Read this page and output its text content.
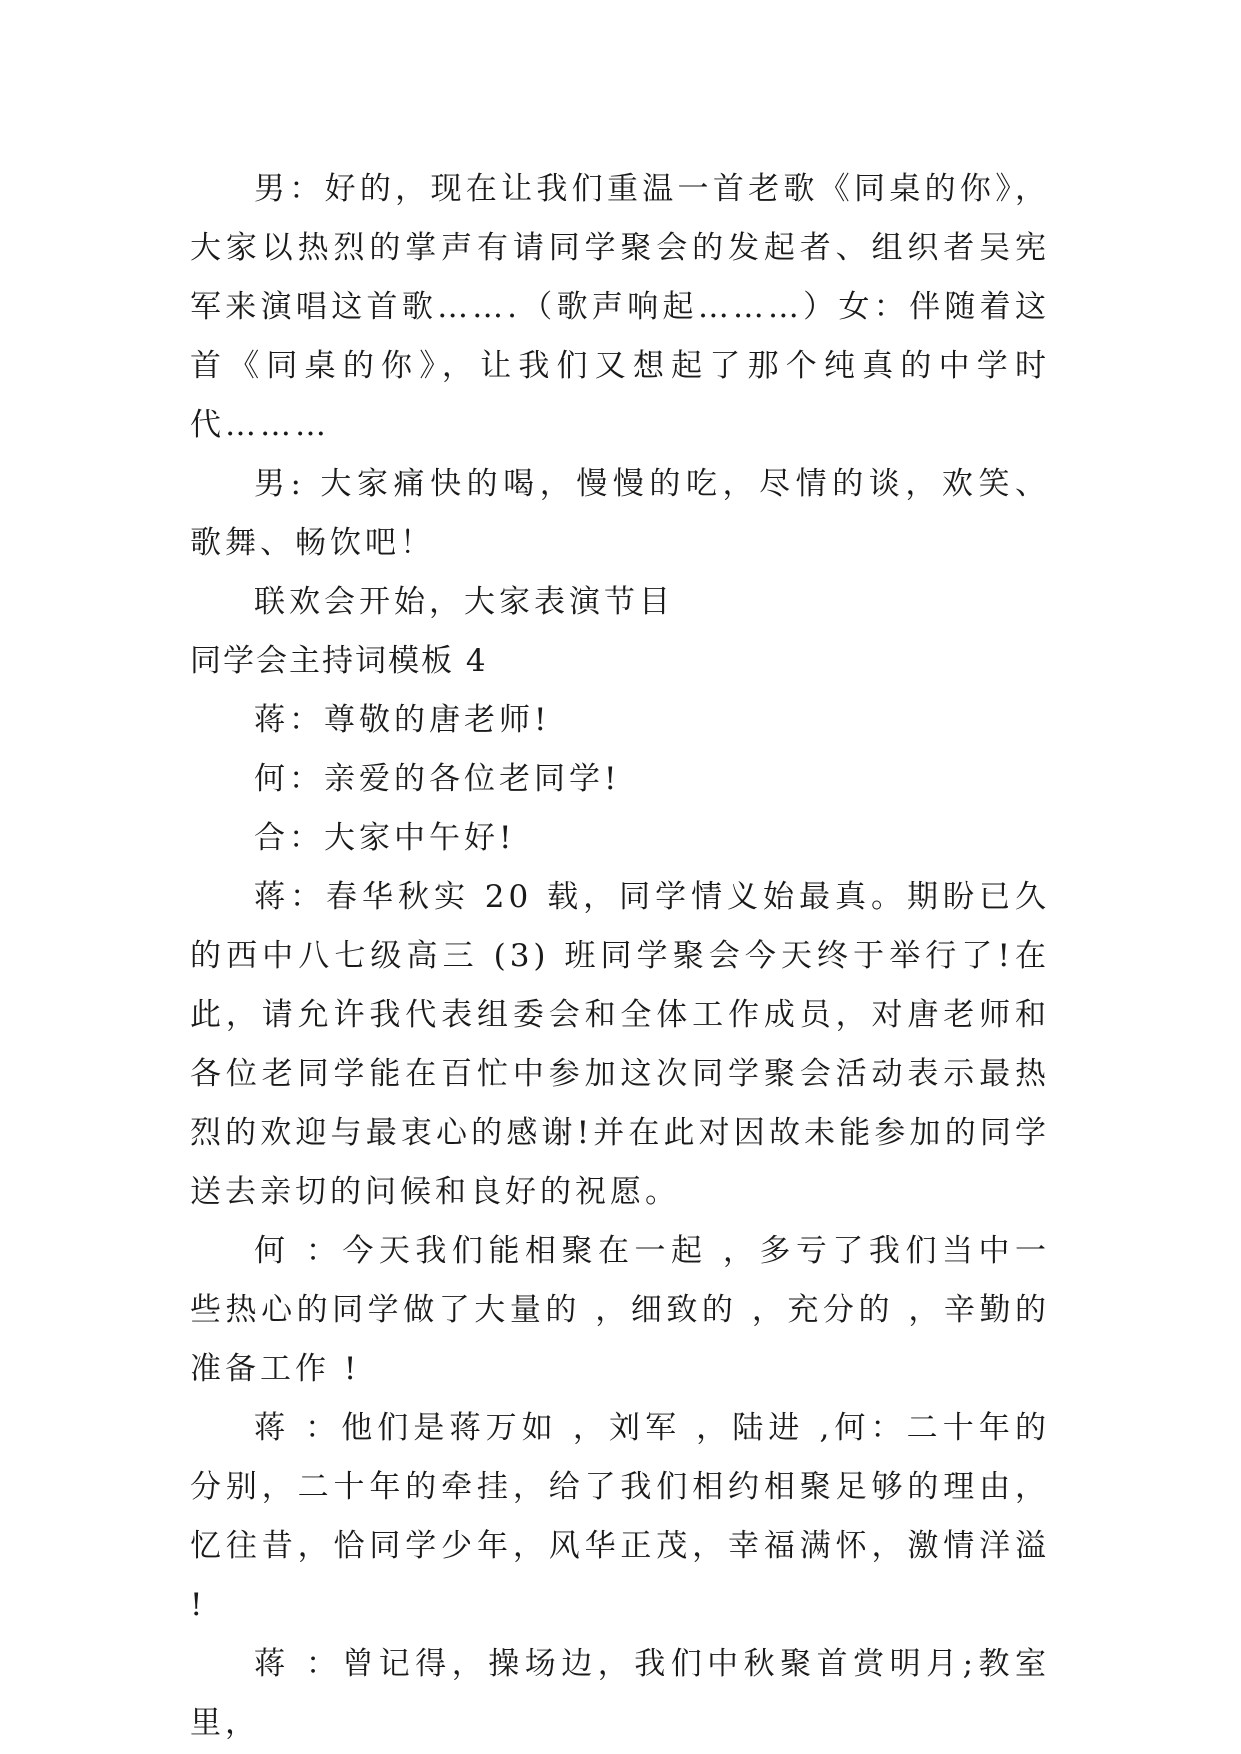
男：好的，现在让我们重温一首老歌《同桌的你》，大家以热烈的掌声有请同学聚会的发起者、组织者吴宪军来演唱这首歌…….（歌声响起………）女：伴随着这首《同桌的你》，让我们又想起了那个纯真的中学时代………

男: 大家痛快的喝，慢慢的吃，尽情的谈，欢笑、歌舞、畅饮吧！

联欢会开始，大家表演节目

同学会主持词模板 4

蒋：尊敬的唐老师!

何：亲爱的各位老同学!

合：大家中午好!

蒋：春华秋实 20 载，同学情义始最真。期盼已久的西中八七级高三 (3) 班同学聚会今天终于举行了!在此，请允许我代表组委会和全体工作成员，对唐老师和各位老同学能在百忙中参加这次同学聚会活动表示最热烈的欢迎与最衷心的感谢!并在此对因故未能参加的同学送去亲切的问候和良好的祝愿。

何 ：今天我们能相聚在一起 ，多亏了我们当中一些热心的同学做了大量的 ，细致的 ，充分的 ，辛勤的准备工作 !

蒋 ：他们是蒋万如 ，刘军 ，陆进 ,何：二十年的分别，二十年的牵挂，给了我们相约相聚足够的理由，忆往昔，恰同学少年，风华正茂，幸福满怀，激情洋溢 !

蒋 ：曾记得，操场边，我们中秋聚首赏明月;教室里，
